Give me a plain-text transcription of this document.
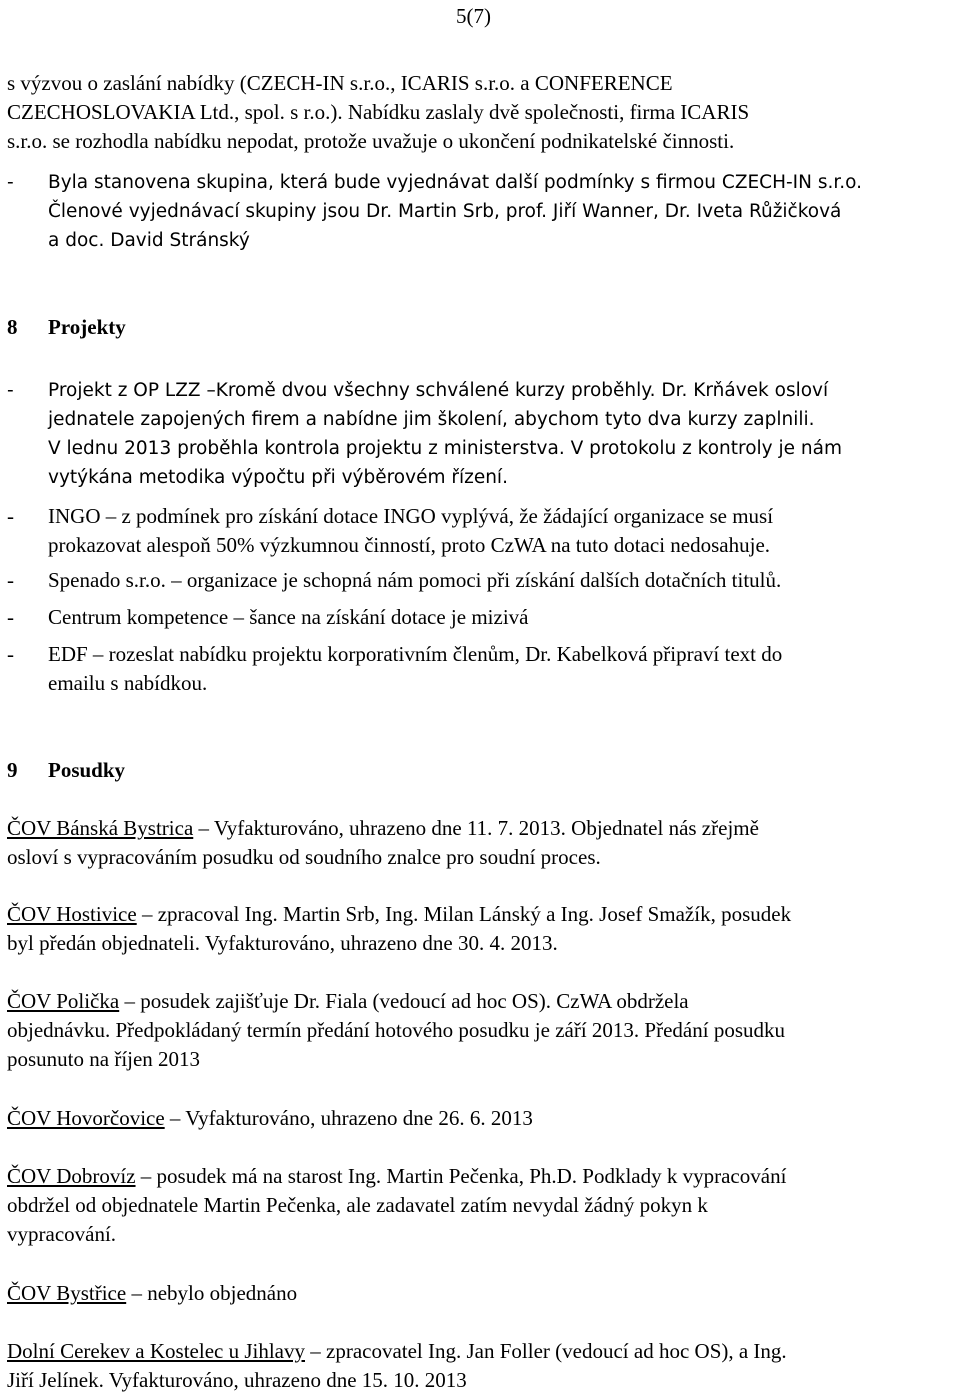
5(7)
s výzvou o zaslání nabídky (CZECH-IN s.r.o., ICARIS s.r.o. a CONFERENCE
CZECHOSLOVAKIA Ltd., spol. s r.o.). Nabídku zaslaly dvě společnosti, firma ICARIS
s.r.o. se rozhodla nabídku nepodat, protože uvažuje o ukončení podnikatelské činnosti.
- Byla stanovena skupina, která bude vyjednávat další podmínky s firmou CZECH-IN s.r.o.
Členové vyjednávací skupiny jsou Dr. Martin Srb, prof. Jiří Wanner, Dr. Iveta Růžičková
a doc. David Stránský
8 Projekty
- Projekt z OP LZZ –Kromě dvou všechny schválené kurzy proběhly. Dr. Krňávek osloví
jednatele zapojených firem a nabídne jim školení, abychom tyto dva kurzy zaplnili.
V lednu 2013 proběhla kontrola projektu z ministerstva. V protokolu z kontroly je nám
vytýkána metodika výpočtu při výběrovém řízení.
- INGO – z podmínek pro získání dotace INGO vyplývá, že žádající organizace se musí
prokazovat alespoň 50% výzkumnou činností, proto CzWA na tuto dotaci nedosahuje.
- Spenado s.r.o. – organizace je schopná nám pomoci při získání dalších dotačních titulů.
- Centrum kompetence – šance na získání dotace je mizivá
- EDF – rozeslat nabídku projektu korporativním členům, Dr. Kabelková připraví text do
emailu s nabídkou.
9 Posudky
ČOV Bánská Bystrica – Vyfakturováno, uhrazeno dne 11. 7. 2013. Objednatel nás zřejmě
osloví s vypracováním posudku od soudního znalce pro soudní proces.
ČOV Hostivice – zpracoval Ing. Martin Srb, Ing. Milan Lánský a Ing. Josef Smažík, posudek
byl předán objednateli. Vyfakturováno, uhrazeno dne 30. 4. 2013.
ČOV Polička – posudek zajišťuje Dr. Fiala (vedoucí ad hoc OS). CzWA obdržela
objednávku. Předpokládaný termín předání hotového posudku je září 2013. Předání posudku
posunuto na říjen 2013
ČOV Hovorčovice – Vyfakturováno, uhrazeno dne 26. 6. 2013
ČOV Dobrovíz – posudek má na starost Ing. Martin Pečenka, Ph.D. Podklady k vypracování
obdržel od objednatele Martin Pečenka, ale zadavatel zatím nevydal žádný pokyn k
vypracování.
ČOV Bystřice – nebylo objednáno
Dolní Cerekev a Kostelec u Jihlavy – zpracovatel Ing. Jan Foller (vedoucí ad hoc OS), a Ing.
Jiří Jelínek. Vyfakturováno, uhrazeno dne 15. 10. 2013
